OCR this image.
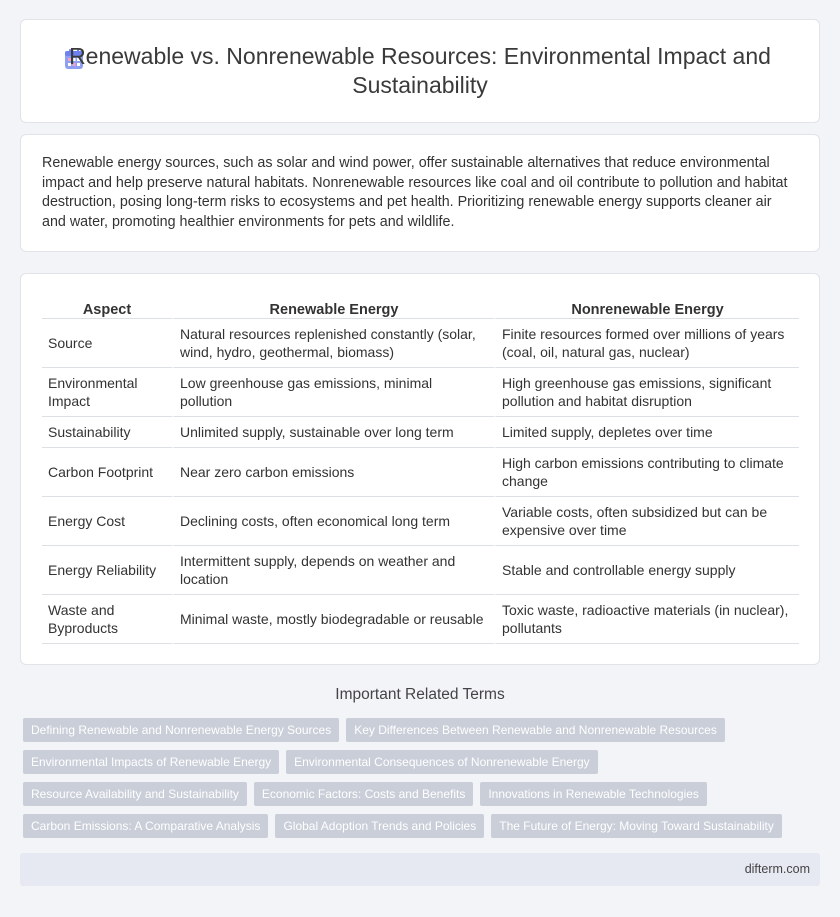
Renewable vs. Nonrenewable Resources: Environmental Impact and Sustainability

Renewable energy sources, such as solar and wind power, offer sustainable alternatives that reduce environmental impact and help preserve natural habitats. Nonrenewable resources like coal and oil contribute to pollution and habitat destruction, posing long-term risks to ecosystems and pet health. Prioritizing renewable energy supports cleaner air and water, promoting healthier environments for pets and wildlife.

Aspect	Renewable Energy	Nonrenewable Energy
Source	Natural resources replenished constantly (solar, wind, hydro, geothermal, biomass)	Finite resources formed over millions of years (coal, oil, natural gas, nuclear)
Environmental Impact	Low greenhouse gas emissions, minimal pollution	High greenhouse gas emissions, significant pollution and habitat disruption
Sustainability	Unlimited supply, sustainable over long term	Limited supply, depletes over time
Carbon Footprint	Near zero carbon emissions	High carbon emissions contributing to climate change
Energy Cost	Declining costs, often economical long term	Variable costs, often subsidized but can be expensive over time
Energy Reliability	Intermittent supply, depends on weather and location	Stable and controllable energy supply
Waste and Byproducts	Minimal waste, mostly biodegradable or reusable	Toxic waste, radioactive materials (in nuclear), pollutants
Important Related Terms
Defining Renewable and Nonrenewable Energy Sources	Key Differences Between Renewable and Nonrenewable Resources
Environmental Impacts of Renewable Energy	Environmental Consequences of Nonrenewable Energy
Resource Availability and Sustainability	Economic Factors: Costs and Benefits	Innovations in Renewable Technologies
Carbon Emissions: A Comparative Analysis	Global Adoption Trends and Policies	The Future of Energy: Moving Toward Sustainability
difterm.com
